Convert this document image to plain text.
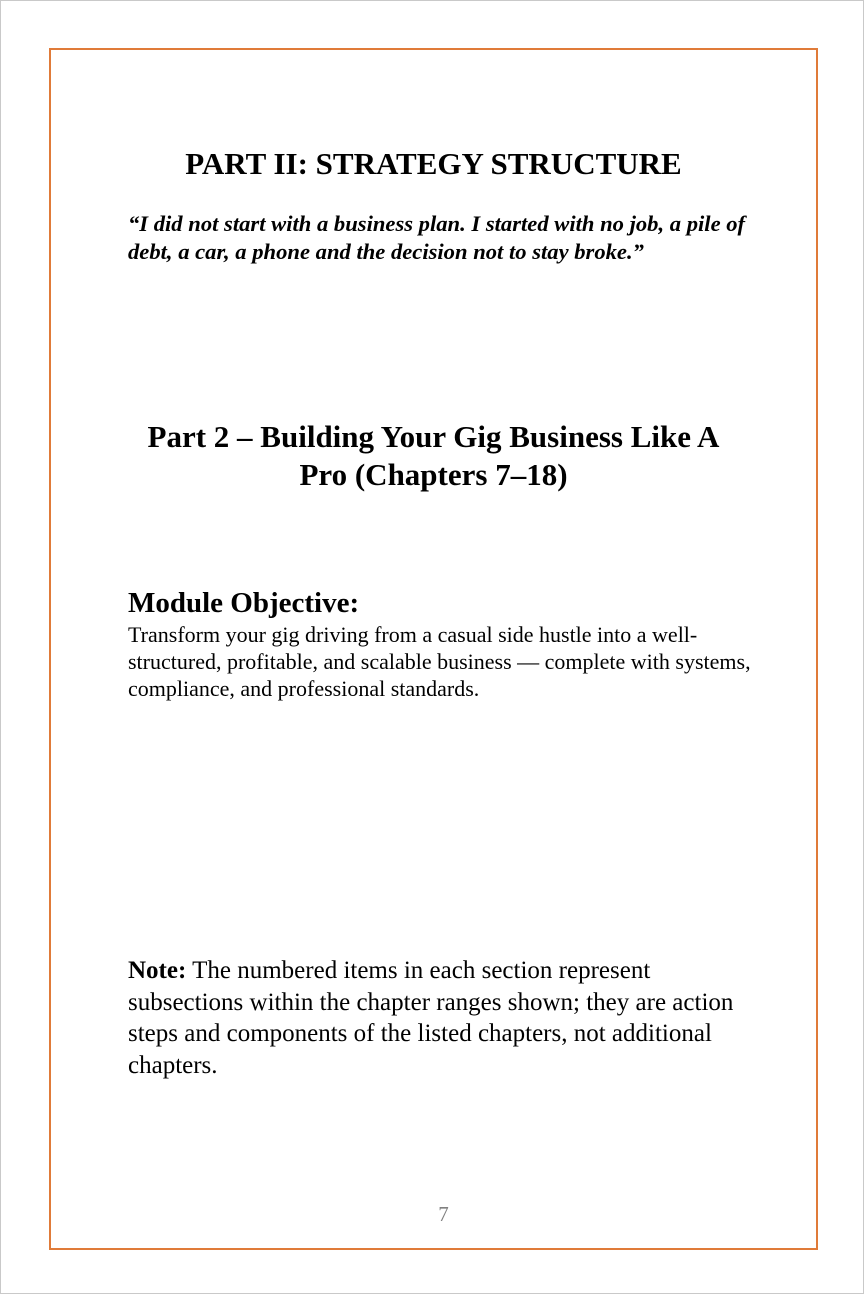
PART II: STRATEGY STRUCTURE

“I did not start with a business plan. I started with no job, a pile of debt, a car, a phone and the decision not to stay broke.”

Part 2 – Building Your Gig Business Like A Pro (Chapters 7–18)
Module Objective:

Transform your gig driving from a casual side hustle into a well-structured, profitable, and scalable business — complete with systems, compliance, and professional standards.

Note: The numbered items in each section represent subsections within the chapter ranges shown; they are action steps and components of the listed chapters, not additional chapters.

7
